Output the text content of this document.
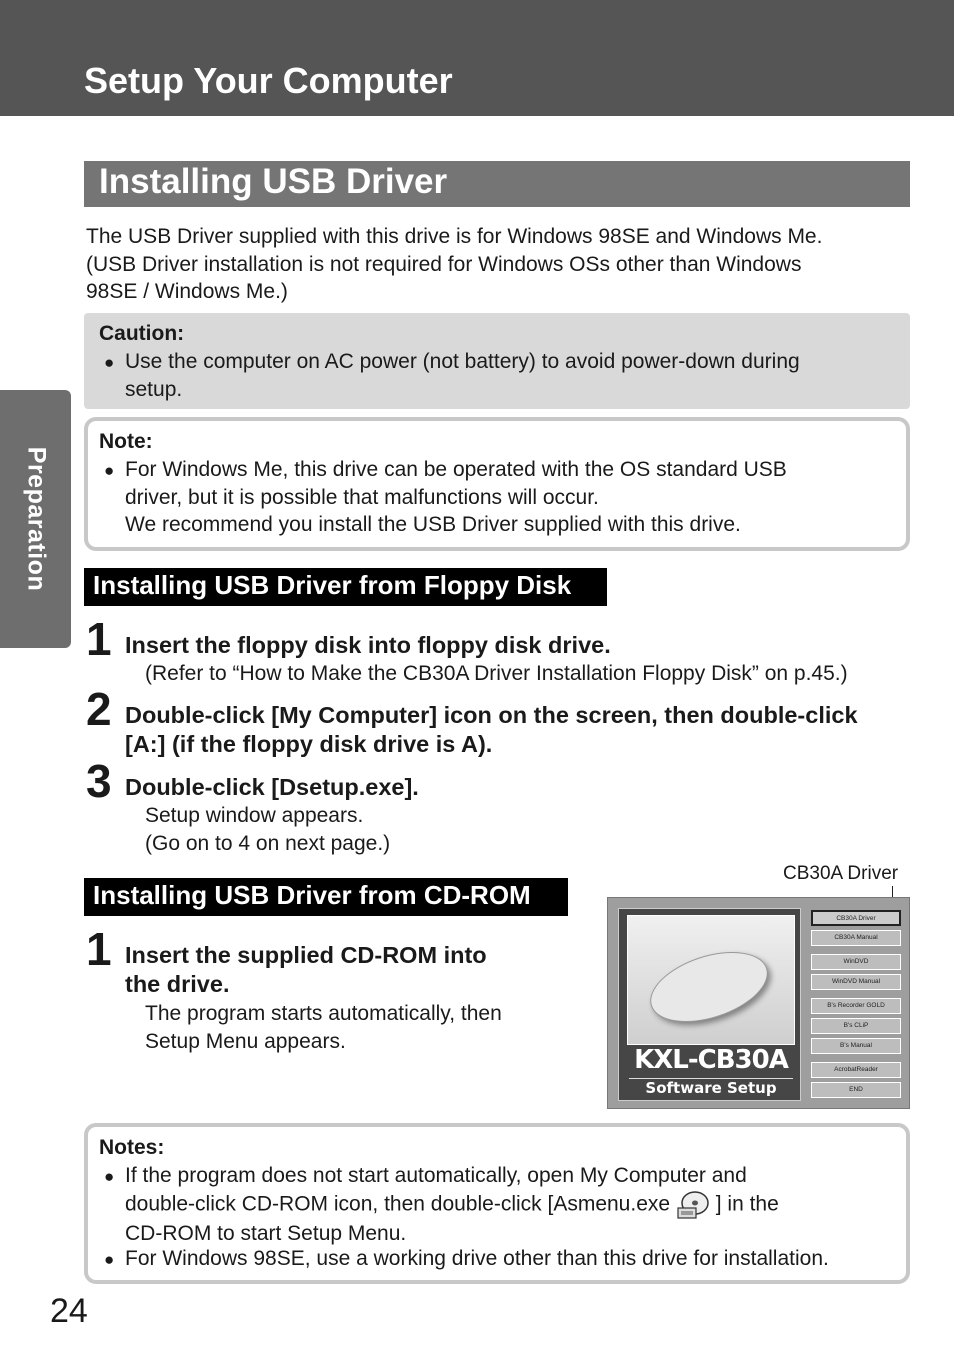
Setup Your Computer
Preparation
Installing USB Driver

The USB Driver supplied with this drive is for Windows 98SE and Windows Me.
(USB Driver installation is not required for Windows OSs other than Windows
98SE / Windows Me.)

Caution:
● Use the computer on AC power (not battery) to avoid power-down during
setup.

Note:
● For Windows Me, this drive can be operated with the OS standard USB
driver, but it is possible that malfunctions will occur.
We recommend you install the USB Driver supplied with this drive.

Installing USB Driver from Floppy Disk
1 Insert the floppy disk into floppy disk drive.

(Refer to “How to Make the CB30A Driver Installation Floppy Disk” on p.45.)

2 Double-click [My Computer] icon on the screen, then double-click
[A:] (if the floppy disk drive is A).

3 Double-click [Dsetup.exe].

Setup window appears.
(Go on to 4 on next page.)

Installing USB Driver from CD-ROM
1 Insert the supplied CD-ROM into
the drive.

The program starts automatically, then
Setup Menu appears.

CB30A Driver
KXL-CB30A
Software Setup
CB30A Driver
CB30A Manual
WinDVD
WinDVD Manual
B's Recorder GOLD
B's CLiP
B's Manual
AcrobatReader
END
Notes:
● If the program does not start automatically, open My Computer and
double-click CD-ROM icon, then double-click [Asmenu.exe ] in the
CD-ROM to start Setup Menu.

● For Windows 98SE, use a working drive other than this drive for installation.

24
